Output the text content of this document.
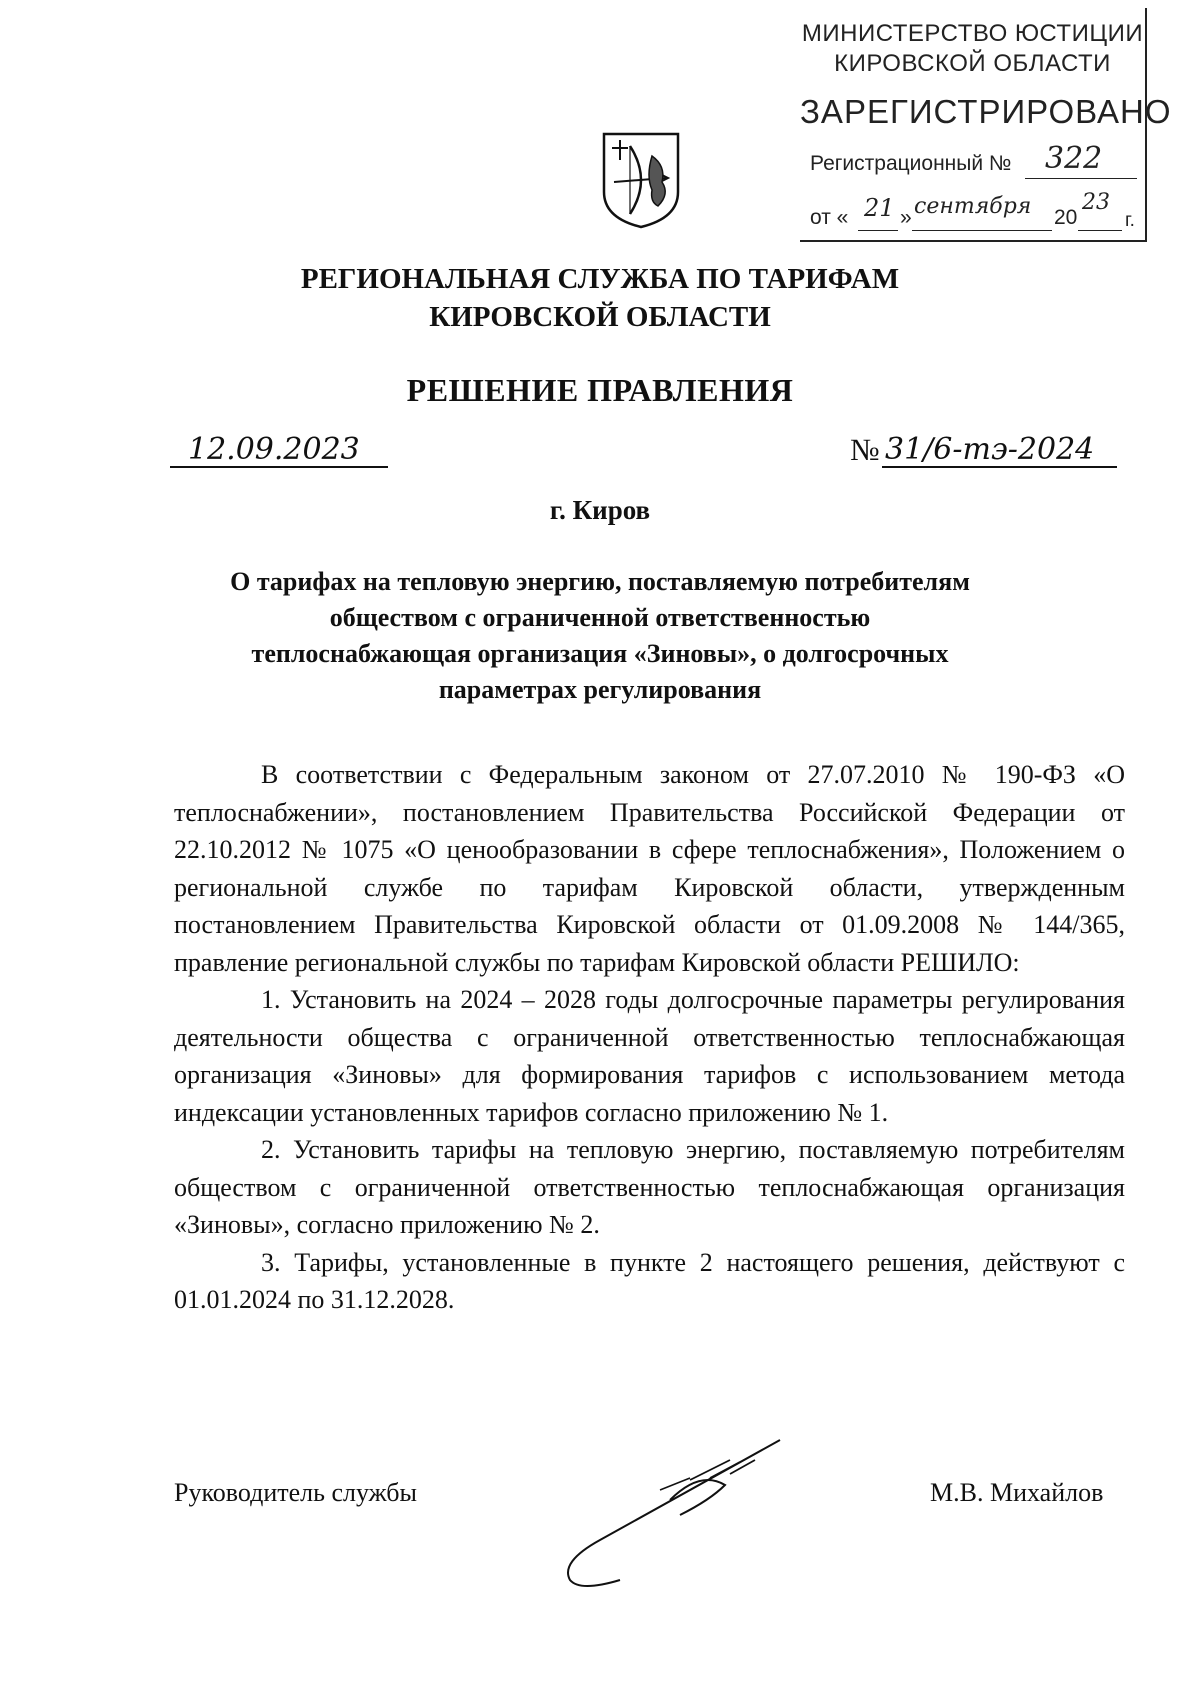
МИНИСТЕРСТВО ЮСТИЦИИ
КИРОВСКОЙ ОБЛАСТИ
ЗАРЕГИСТРИРОВАНО
Регистрационный № 322
от « 21 » сентября 20
23
г.
РЕГИОНАЛЬНАЯ СЛУЖБА ПО ТАРИФАМ
КИРОВСКОЙ ОБЛАСТИ
РЕШЕНИЕ ПРАВЛЕНИЯ
12.09.2023	№ 31/6-тэ-2024
г. Киров
О тарифах на тепловую энергию, поставляемую потребителям обществом с ограниченной ответственностью теплоснабжающая организация «Зиновы», о долгосрочных параметрах регулирования

В соответствии с Федеральным законом от 27.07.2010 № 190-ФЗ «О теплоснабжении», постановлением Правительства Российской Федерации от 22.10.2012 № 1075 «О ценообразовании в сфере теплоснабжения», Положением о региональной службе по тарифам Кировской области, утвержденным постановлением Правительства Кировской области от 01.09.2008 № 144/365, правление региональной службы по тарифам Кировской области РЕШИЛО:

1. Установить на 2024 – 2028 годы долгосрочные параметры регулирования деятельности общества с ограниченной ответственностью теплоснабжающая организация «Зиновы» для формирования тарифов с использованием метода индексации установленных тарифов согласно приложению № 1.

2. Установить тарифы на тепловую энергию, поставляемую потребителям обществом с ограниченной ответственностью теплоснабжающая организация «Зиновы», согласно приложению № 2.

3. Тарифы, установленные в пункте 2 настоящего решения, действуют с 01.01.2024 по 31.12.2028.

Руководитель службы	М.В. Михайлов
